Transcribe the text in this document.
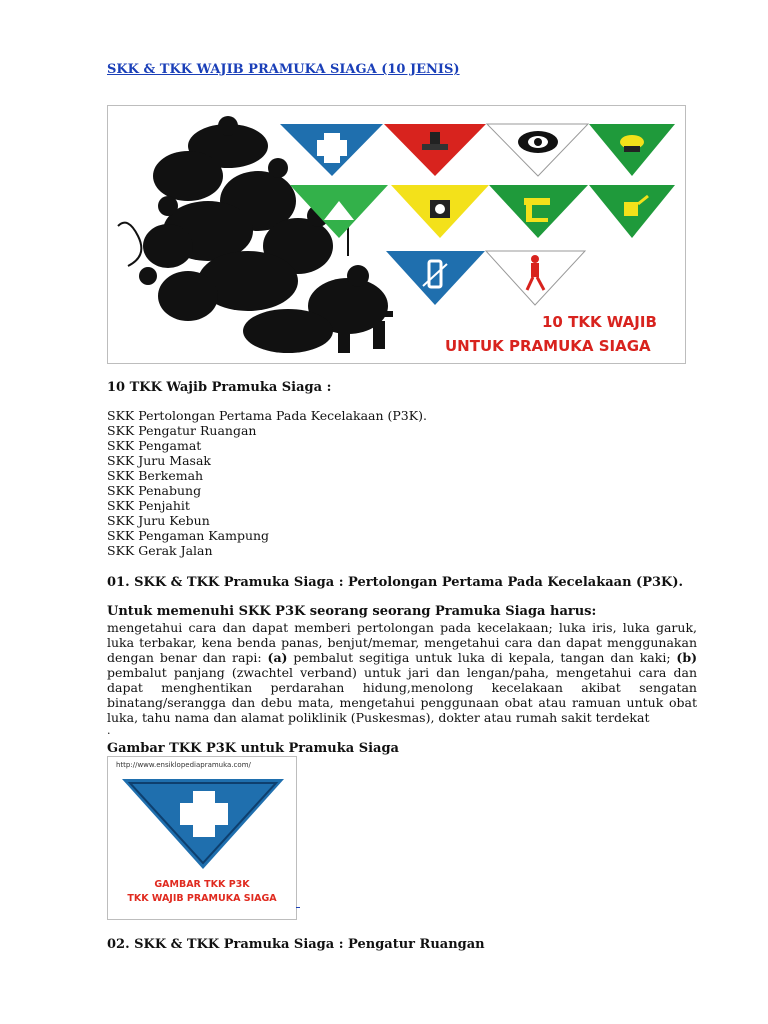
SKK & TKK WAJIB PRAMUKA SIAGA (10 JENIS)
10 TKK WAJIB
UNTUK PRAMUKA SIAGA
10 TKK Wajib Pramuka Siaga :
SKK Pertolongan Pertama Pada Kecelakaan (P3K).
SKK Pengatur Ruangan
SKK Pengamat
SKK Juru Masak
SKK Berkemah
SKK Penabung
SKK Penjahit
SKK Juru Kebun
SKK Pengaman Kampung
SKK Gerak Jalan
01. SKK & TKK Pramuka Siaga : Pertolongan Pertama Pada Kecelakaan (P3K).
Untuk memenuhi SKK P3K seorang seorang Pramuka Siaga harus:

mengetahui cara dan dapat memberi pertolongan pada kecelakaan; luka iris, luka garuk, luka terbakar, kena benda panas, benjut/memar, mengetahui cara dan dapat menggunakan dengan benar dan rapi: (a) pembalut segitiga untuk luka di kepala, tangan dan kaki; (b) pembalut panjang (zwachtel verband) untuk jari dan lengan/paha, mengetahui cara dan dapat menghentikan perdarahan hidung,menolong kecelakaan akibat sengatan binatang/serangga dan debu mata, mengetahui penggunaan obat atau ramuan untuk obat luka, tahu nama dan alamat poliklinik (Puskesmas), dokter atau rumah sakit terdekat

.
Gambar TKK P3K untuk Pramuka Siaga
http://www.ensiklopediapramuka.com/
GAMBAR TKK P3K
TKK WAJIB PRAMUKA SIAGA
02. SKK & TKK Pramuka Siaga : Pengatur Ruangan
